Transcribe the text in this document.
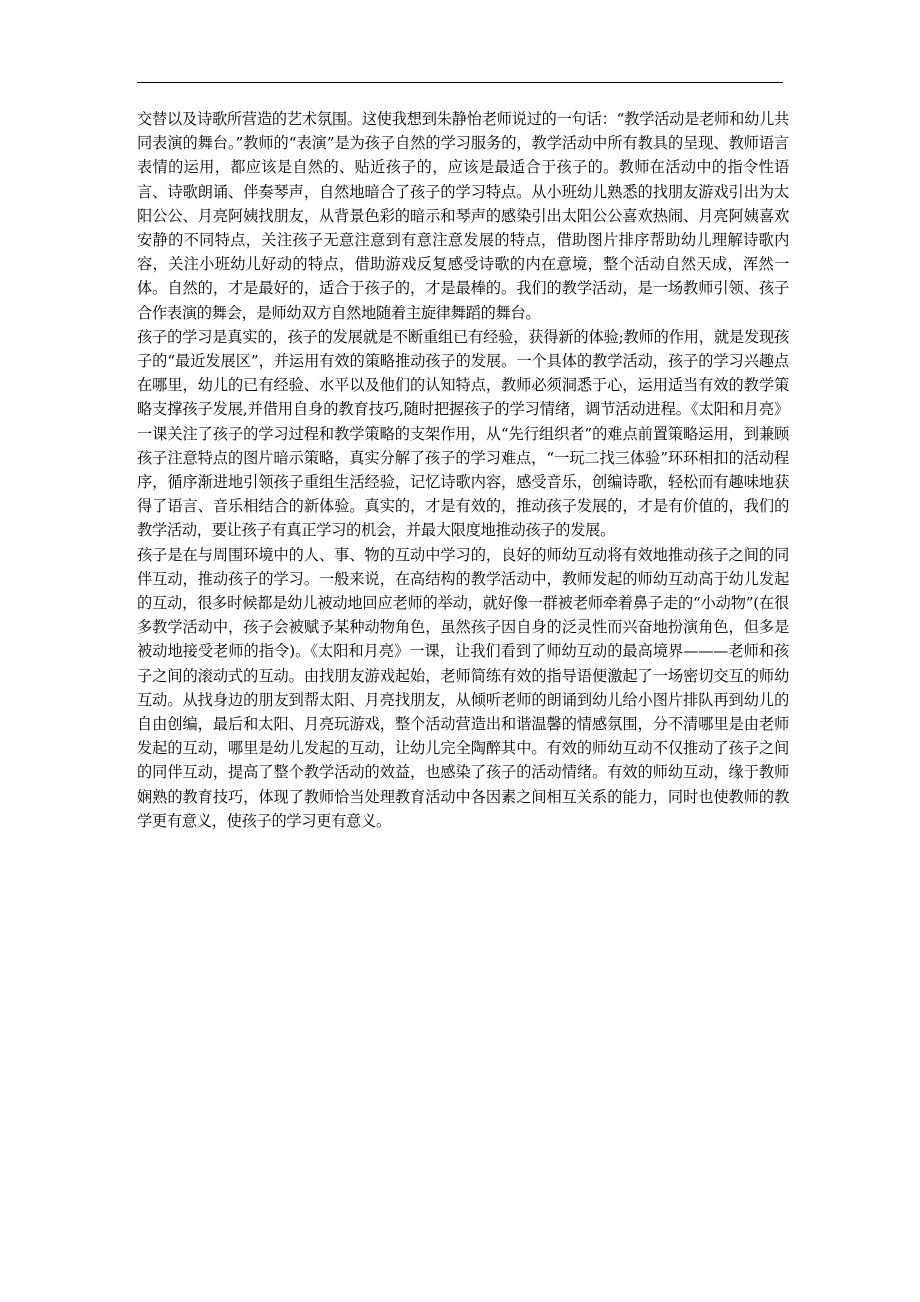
交替以及诗歌所营造的艺术氛围。这使我想到朱静怡老师说过的一句话：“教学活动是老师和幼儿共同表演的舞台。”教师的“表演”是为孩子自然的学习服务的，教学活动中所有教具的呈现、教师语言表情的运用，都应该是自然的、贴近孩子的，应该是最适合于孩子的。教师在活动中的指令性语言、诗歌朗诵、伴奏琴声，自然地暗合了孩子的学习特点。从小班幼儿熟悉的找朋友游戏引出为太阳公公、月亮阿姨找朋友，从背景色彩的暗示和琴声的感染引出太阳公公喜欢热闹、月亮阿姨喜欢安静的不同特点，关注孩子无意注意到有意注意发展的特点，借助图片排序帮助幼儿理解诗歌内容，关注小班幼儿好动的特点，借助游戏反复感受诗歌的内在意境，整个活动自然天成，浑然一体。自然的，才是最好的，适合于孩子的，才是最棒的。我们的教学活动，是一场教师引领、孩子合作表演的舞会，是师幼双方自然地随着主旋律舞蹈的舞台。

孩子的学习是真实的，孩子的发展就是不断重组已有经验，获得新的体验;教师的作用，就是发现孩子的“最近发展区”，并运用有效的策略推动孩子的发展。一个具体的教学活动，孩子的学习兴趣点在哪里，幼儿的已有经验、水平以及他们的认知特点，教师必须洞悉于心，运用适当有效的教学策略支撑孩子发展,并借用自身的教育技巧,随时把握孩子的学习情绪，调节活动进程。《太阳和月亮》一课关注了孩子的学习过程和教学策略的支架作用，从“先行组织者”的难点前置策略运用，到兼顾孩子注意特点的图片暗示策略，真实分解了孩子的学习难点，“一玩二找三体验”环环相扣的活动程序，循序渐进地引领孩子重组生活经验，记忆诗歌内容，感受音乐，创编诗歌，轻松而有趣味地获得了语言、音乐相结合的新体验。真实的，才是有效的，推动孩子发展的，才是有价值的，我们的教学活动，要让孩子有真正学习的机会，并最大限度地推动孩子的发展。

孩子是在与周围环境中的人、事、物的互动中学习的，良好的师幼互动将有效地推动孩子之间的同伴互动，推动孩子的学习。一般来说，在高结构的教学活动中，教师发起的师幼互动高于幼儿发起的互动，很多时候都是幼儿被动地回应老师的举动，就好像一群被老师牵着鼻子走的“小动物”(在很多教学活动中，孩子会被赋予某种动物角色，虽然孩子因自身的泛灵性而兴奋地扮演角色，但多是被动地接受老师的指令)。《太阳和月亮》一课，让我们看到了师幼互动的最高境界———老师和孩子之间的滚动式的互动。由找朋友游戏起始，老师简练有效的指导语便激起了一场密切交互的师幼互动。从找身边的朋友到帮太阳、月亮找朋友，从倾听老师的朗诵到幼儿给小图片排队再到幼儿的自由创编，最后和太阳、月亮玩游戏，整个活动营造出和谐温馨的情感氛围，分不清哪里是由老师发起的互动，哪里是幼儿发起的互动，让幼儿完全陶醉其中。有效的师幼互动不仅推动了孩子之间的同伴互动，提高了整个教学活动的效益，也感染了孩子的活动情绪。有效的师幼互动，缘于教师娴熟的教育技巧，体现了教师恰当处理教育活动中各因素之间相互关系的能力，同时也使教师的教学更有意义，使孩子的学习更有意义。
